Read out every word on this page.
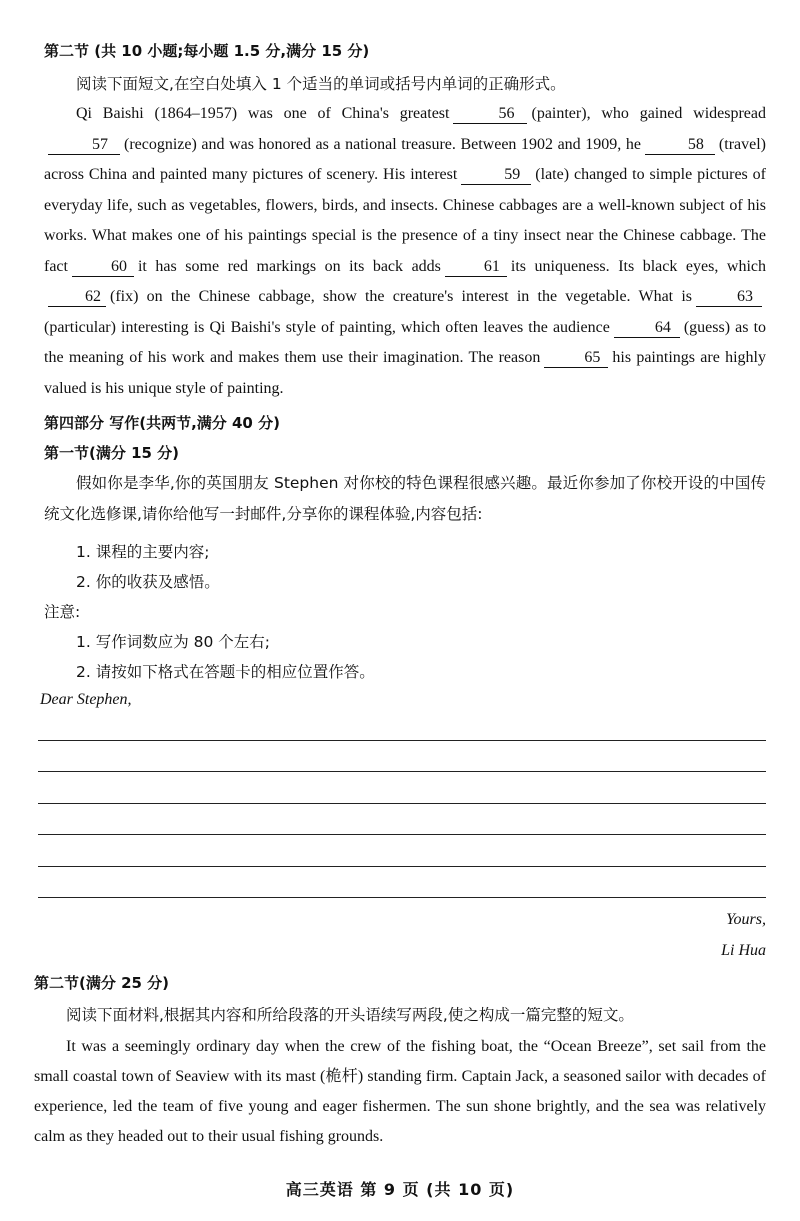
第二节 (共 10 小题;每小题 1.5 分,满分 15 分)
阅读下面短文,在空白处填入 1 个适当的单词或括号内单词的正确形式。
Qi Baishi (1864–1957) was one of China's greatest	56 (painter), who gained widespread57 (recognize) and was honored as a national treasure. Between 1902 and 1909, he	58 (travel) across China and painted many pictures of scenery. His interest	59 (late) changed to simple pictures of everyday life, such as vegetables, flowers, birds, and insects. Chinese cabbages are a well-known subject of his works. What makes one of his paintings special is the presence of a tiny insect near the Chinese cabbage. The fact	60 it has some red markings on its back adds	61 its uniqueness. Its black eyes, which62 (fix) on the Chinese cabbage, show the creature's interest in the vegetable. What is	63(particular) interesting is Qi Baishi's style of painting, which often leaves the audience	64 (guess) as to the meaning of his work and makes them use their imagination. The reason	65 his paintings are highly valued is his unique style of painting.
第四部分 写作(共两节,满分 40 分)
第一节(满分 15 分)
假如你是李华,你的英国朋友 Stephen 对你校的特色课程很感兴趣。最近你参加了你校开设的中国传统文化选修课,请你给他写一封邮件,分享你的课程体验,内容包括:
1. 课程的主要内容;
2. 你的收获及感悟。
注意:
1. 写作词数应为 80 个左右;
2. 请按如下格式在答题卡的相应位置作答。
Dear Stephen,
Yours,
Li Hua
第二节(满分 25 分)
阅读下面材料,根据其内容和所给段落的开头语续写两段,使之构成一篇完整的短文。
It was a seemingly ordinary day when the crew of the fishing boat, the “Ocean Breeze”, set sail from the small coastal town of Seaview with its mast (桅杆) standing firm. Captain Jack, a seasoned sailor with decades of experience, led the team of five young and eager fishermen. The sun shone brightly, and the sea was relatively calm as they headed out to their usual fishing grounds.
高三英语 第 9 页 (共 10 页)
